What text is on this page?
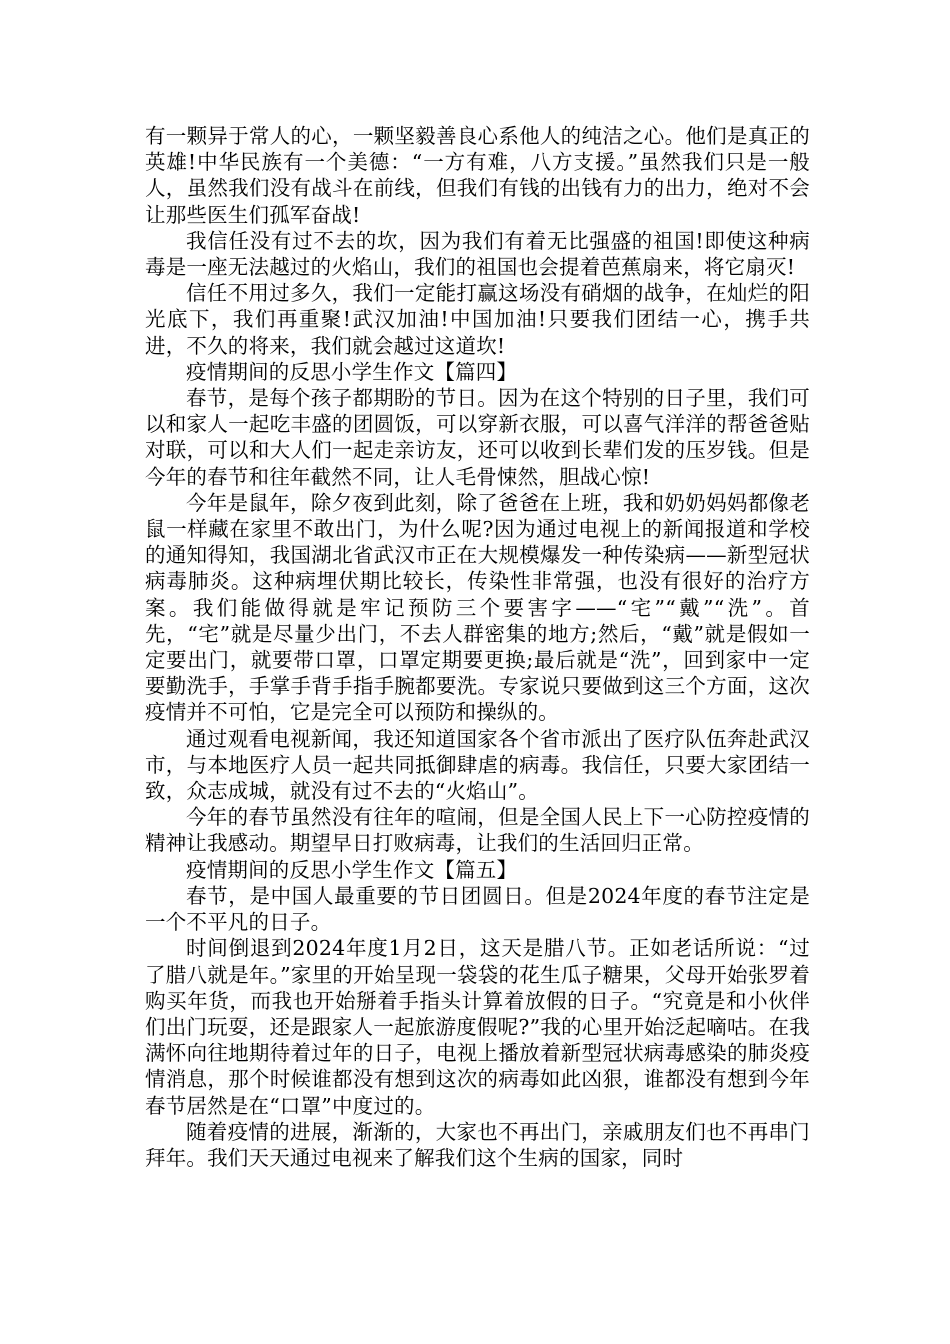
有一颗异于常人的心，一颗坚毅善良心系他人的纯洁之心。他们是真正的英雄!中华民族有一个美德：“一方有难，八方支援。”虽然我们只是一般人，虽然我们没有战斗在前线，但我们有钱的出钱有力的出力，绝对不会让那些医生们孤军奋战!

我信任没有过不去的坎，因为我们有着无比强盛的祖国!即使这种病毒是一座无法越过的火焰山，我们的祖国也会提着芭蕉扇来，将它扇灭!

信任不用过多久，我们一定能打赢这场没有硝烟的战争，在灿烂的阳光底下，我们再重聚!武汉加油!中国加油!只要我们团结一心，携手共进，不久的将来，我们就会越过这道坎!

疫情期间的反思小学生作文【篇四】

春节，是每个孩子都期盼的节日。因为在这个特别的日子里，我们可以和家人一起吃丰盛的团圆饭，可以穿新衣服，可以喜气洋洋的帮爸爸贴对联，可以和大人们一起走亲访友，还可以收到长辈们发的压岁钱。但是今年的春节和往年截然不同，让人毛骨悚然，胆战心惊!

今年是鼠年，除夕夜到此刻，除了爸爸在上班，我和奶奶妈妈都像老鼠一样藏在家里不敢出门，为什么呢?因为通过电视上的新闻报道和学校的通知得知，我国湖北省武汉市正在大规模爆发一种传染病——新型冠状病毒肺炎。这种病埋伏期比较长，传染性非常强，也没有很好的治疗方案。我们能做得就是牢记预防三个要害字——“宅”“戴”“洗”。首先，“宅”就是尽量少出门，不去人群密集的地方;然后，“戴”就是假如一定要出门，就要带口罩，口罩定期要更换;最后就是“洗”，回到家中一定要勤洗手，手掌手背手指手腕都要洗。专家说只要做到这三个方面，这次疫情并不可怕，它是完全可以预防和操纵的。

通过观看电视新闻，我还知道国家各个省市派出了医疗队伍奔赴武汉市，与本地医疗人员一起共同抵御肆虐的病毒。我信任，只要大家团结一致，众志成城，就没有过不去的“火焰山”。

今年的春节虽然没有往年的喧闹，但是全国人民上下一心防控疫情的精神让我感动。期望早日打败病毒，让我们的生活回归正常。

疫情期间的反思小学生作文【篇五】

春节，是中国人最重要的节日团圆日。但是2024年度的春节注定是一个不平凡的日子。

时间倒退到2024年度1月2日，这天是腊八节。正如老话所说：“过了腊八就是年。”家里的开始呈现一袋袋的花生瓜子糖果，父母开始张罗着购买年货，而我也开始掰着手指头计算着放假的日子。“究竟是和小伙伴们出门玩耍，还是跟家人一起旅游度假呢?”我的心里开始泛起嘀咕。在我满怀向往地期待着过年的日子，电视上播放着新型冠状病毒感染的肺炎疫情消息，那个时候谁都没有想到这次的病毒如此凶狠，谁都没有想到今年春节居然是在“口罩”中度过的。

随着疫情的进展，渐渐的，大家也不再出门，亲戚朋友们也不再串门拜年。我们天天通过电视来了解我们这个生病的国家，同时
